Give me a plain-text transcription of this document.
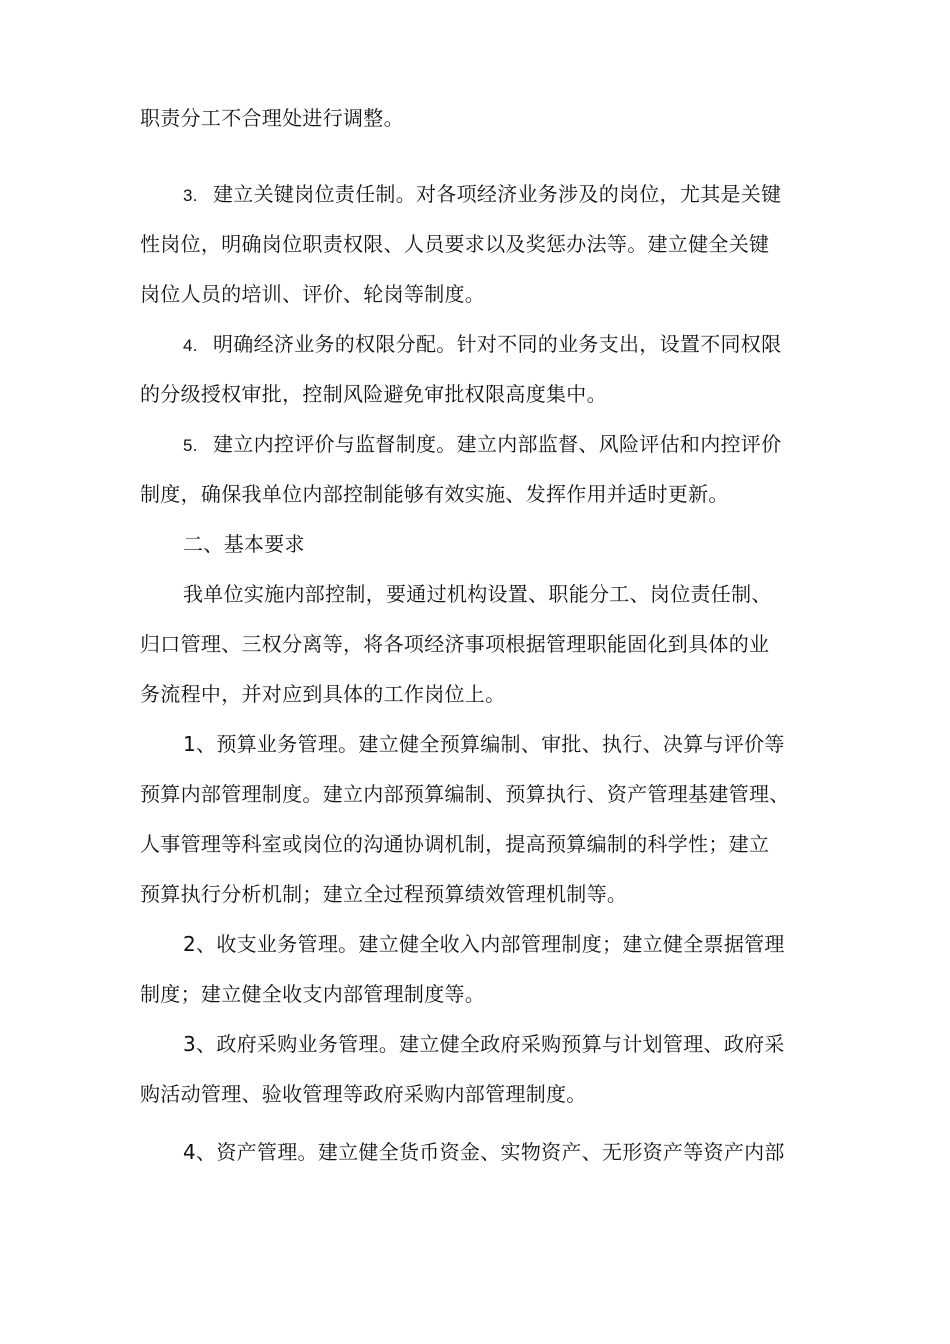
职责分工不合理处进行调整。
3. 建立关键岗位责任制。对各项经济业务涉及的岗位，尤其是关键
性岗位，明确岗位职责权限、人员要求以及奖惩办法等。建立健全关键
岗位人员的培训、评价、轮岗等制度。
4. 明确经济业务的权限分配。针对不同的业务支出，设置不同权限
的分级授权审批，控制风险避免审批权限高度集中。
5. 建立内控评价与监督制度。建立内部监督、风险评估和内控评价
制度，确保我单位内部控制能够有效实施、发挥作用并适时更新。
二、基本要求
我单位实施内部控制，要通过机构设置、职能分工、岗位责任制、
归口管理、三权分离等，将各项经济事项根据管理职能固化到具体的业
务流程中，并对应到具体的工作岗位上。
1、预算业务管理。建立健全预算编制、审批、执行、决算与评价等
预算内部管理制度。建立内部预算编制、预算执行、资产管理基建管理、
人事管理等科室或岗位的沟通协调机制，提高预算编制的科学性；建立
预算执行分析机制；建立全过程预算绩效管理机制等。
2、收支业务管理。建立健全收入内部管理制度；建立健全票据管理
制度；建立健全收支内部管理制度等。
3、政府采购业务管理。建立健全政府采购预算与计划管理、政府采
购活动管理、验收管理等政府采购内部管理制度。
4、资产管理。建立健全货币资金、实物资产、无形资产等资产内部
